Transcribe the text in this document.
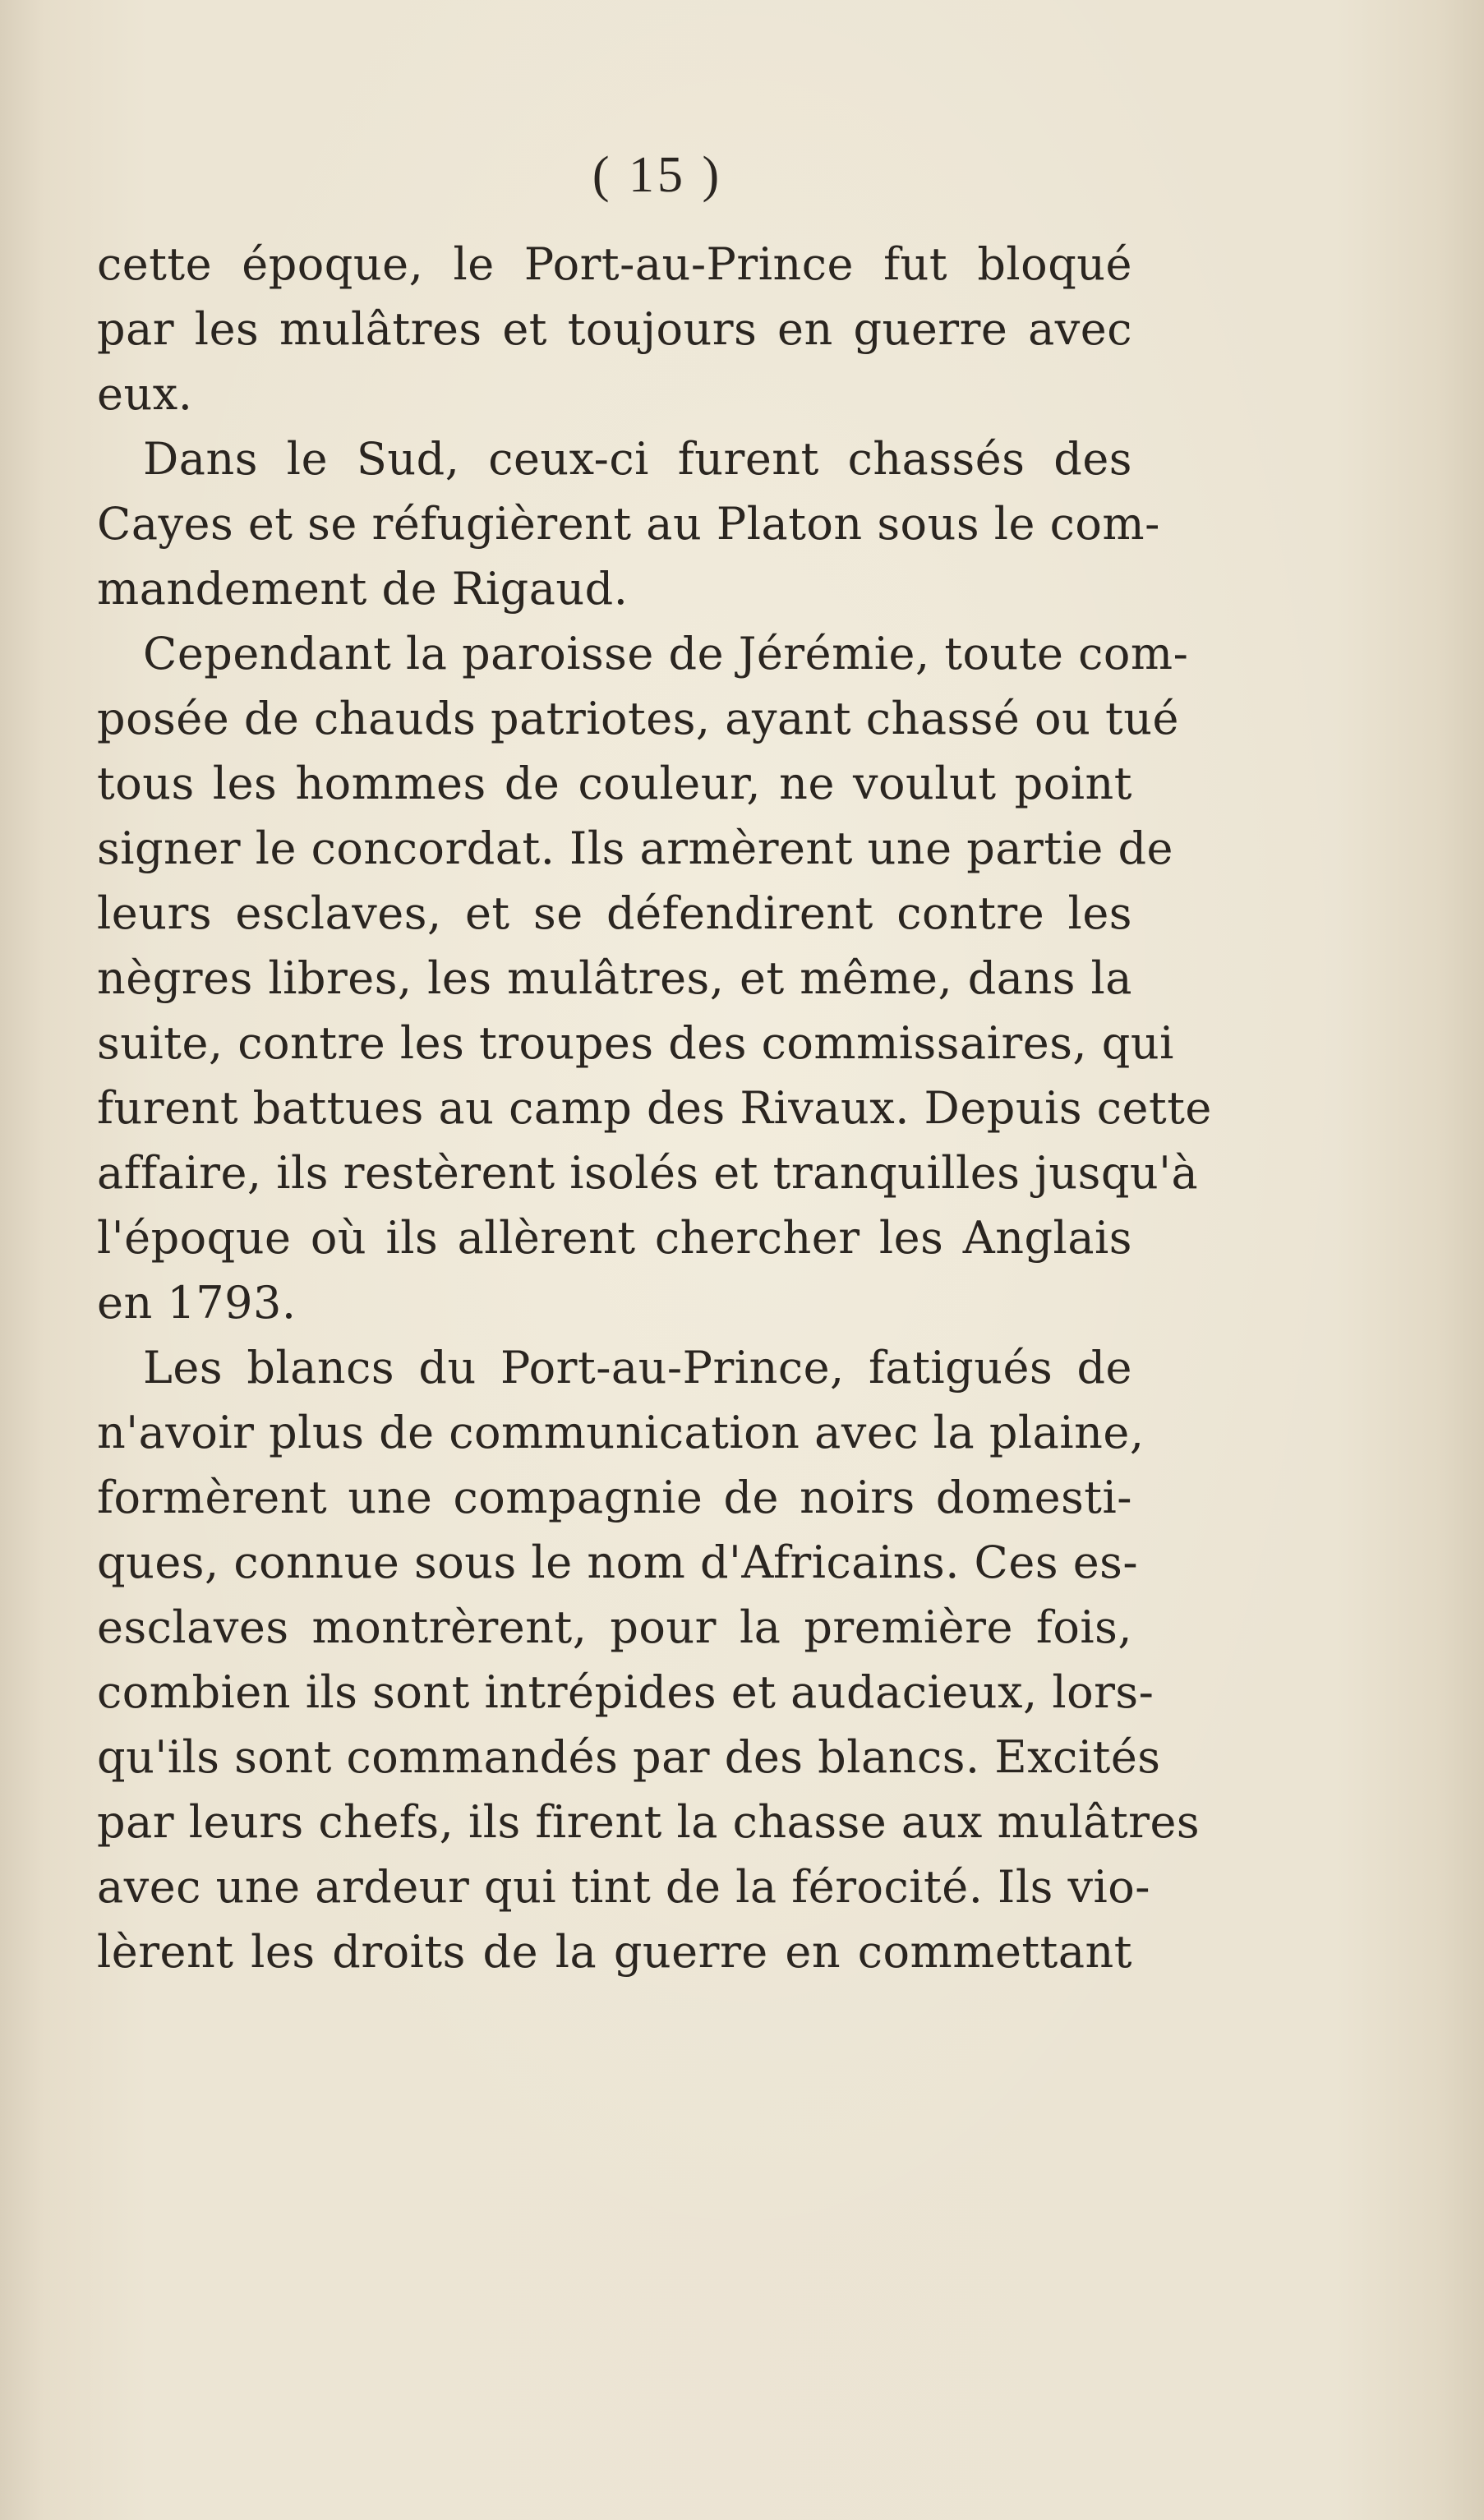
( 15 )
cette époque, le Port-au-Prince fut bloqué
par les mulâtres et toujours en guerre avec
eux.
Dans le Sud, ceux-ci furent chassés des
Cayes et se réfugièrent au Platon sous le com-
mandement de Rigaud.
Cependant la paroisse de Jérémie, toute com-
posée de chauds patriotes, ayant chassé ou tué
tous les hommes de couleur, ne voulut point
signer le concordat. Ils armèrent une partie de
leurs esclaves, et se défendirent contre les
nègres libres, les mulâtres, et même, dans la
suite, contre les troupes des commissaires, qui
furent battues au camp des Rivaux. Depuis cette
affaire, ils restèrent isolés et tranquilles jusqu'à
l'époque où ils allèrent chercher les Anglais
en 1793.
Les blancs du Port-au-Prince, fatigués de
n'avoir plus de communication avec la plaine,
formèrent une compagnie de noirs domesti-
ques, connue sous le nom d'Africains. Ces es-
esclaves montrèrent, pour la première fois,
combien ils sont intrépides et audacieux, lors-
qu'ils sont commandés par des blancs. Excités
par leurs chefs, ils firent la chasse aux mulâtres
avec une ardeur qui tint de la férocité. Ils vio-
lèrent les droits de la guerre en commettant
